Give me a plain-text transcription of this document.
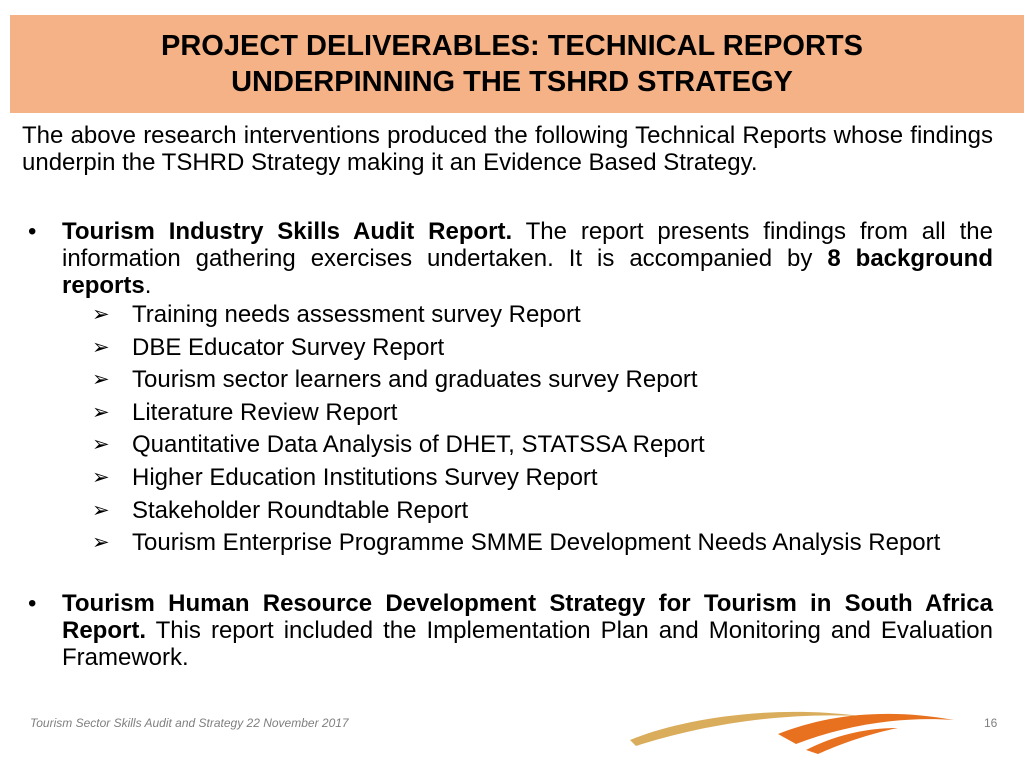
PROJECT DELIVERABLES: TECHNICAL REPORTS
UNDERPINNING THE TSHRD STRATEGY
The above research interventions produced the following Technical Reports whose findings underpin the TSHRD Strategy making it an Evidence Based Strategy.
• Tourism Industry Skills Audit Report. The report presents findings from all the information gathering exercises undertaken. It is accompanied by 8 background reports.
➢ Training needs assessment survey Report
➢ DBE Educator Survey Report
➢ Tourism sector learners and graduates survey Report
➢ Literature Review Report
➢ Quantitative Data Analysis of DHET, STATSSA Report
➢ Higher Education Institutions Survey Report
➢ Stakeholder Roundtable Report
➢ Tourism Enterprise Programme SMME Development Needs Analysis Report
• Tourism Human Resource Development Strategy for Tourism in South Africa Report. This report included the Implementation Plan and Monitoring and Evaluation Framework.
Tourism Sector Skills Audit and Strategy 22 November 2017	16
